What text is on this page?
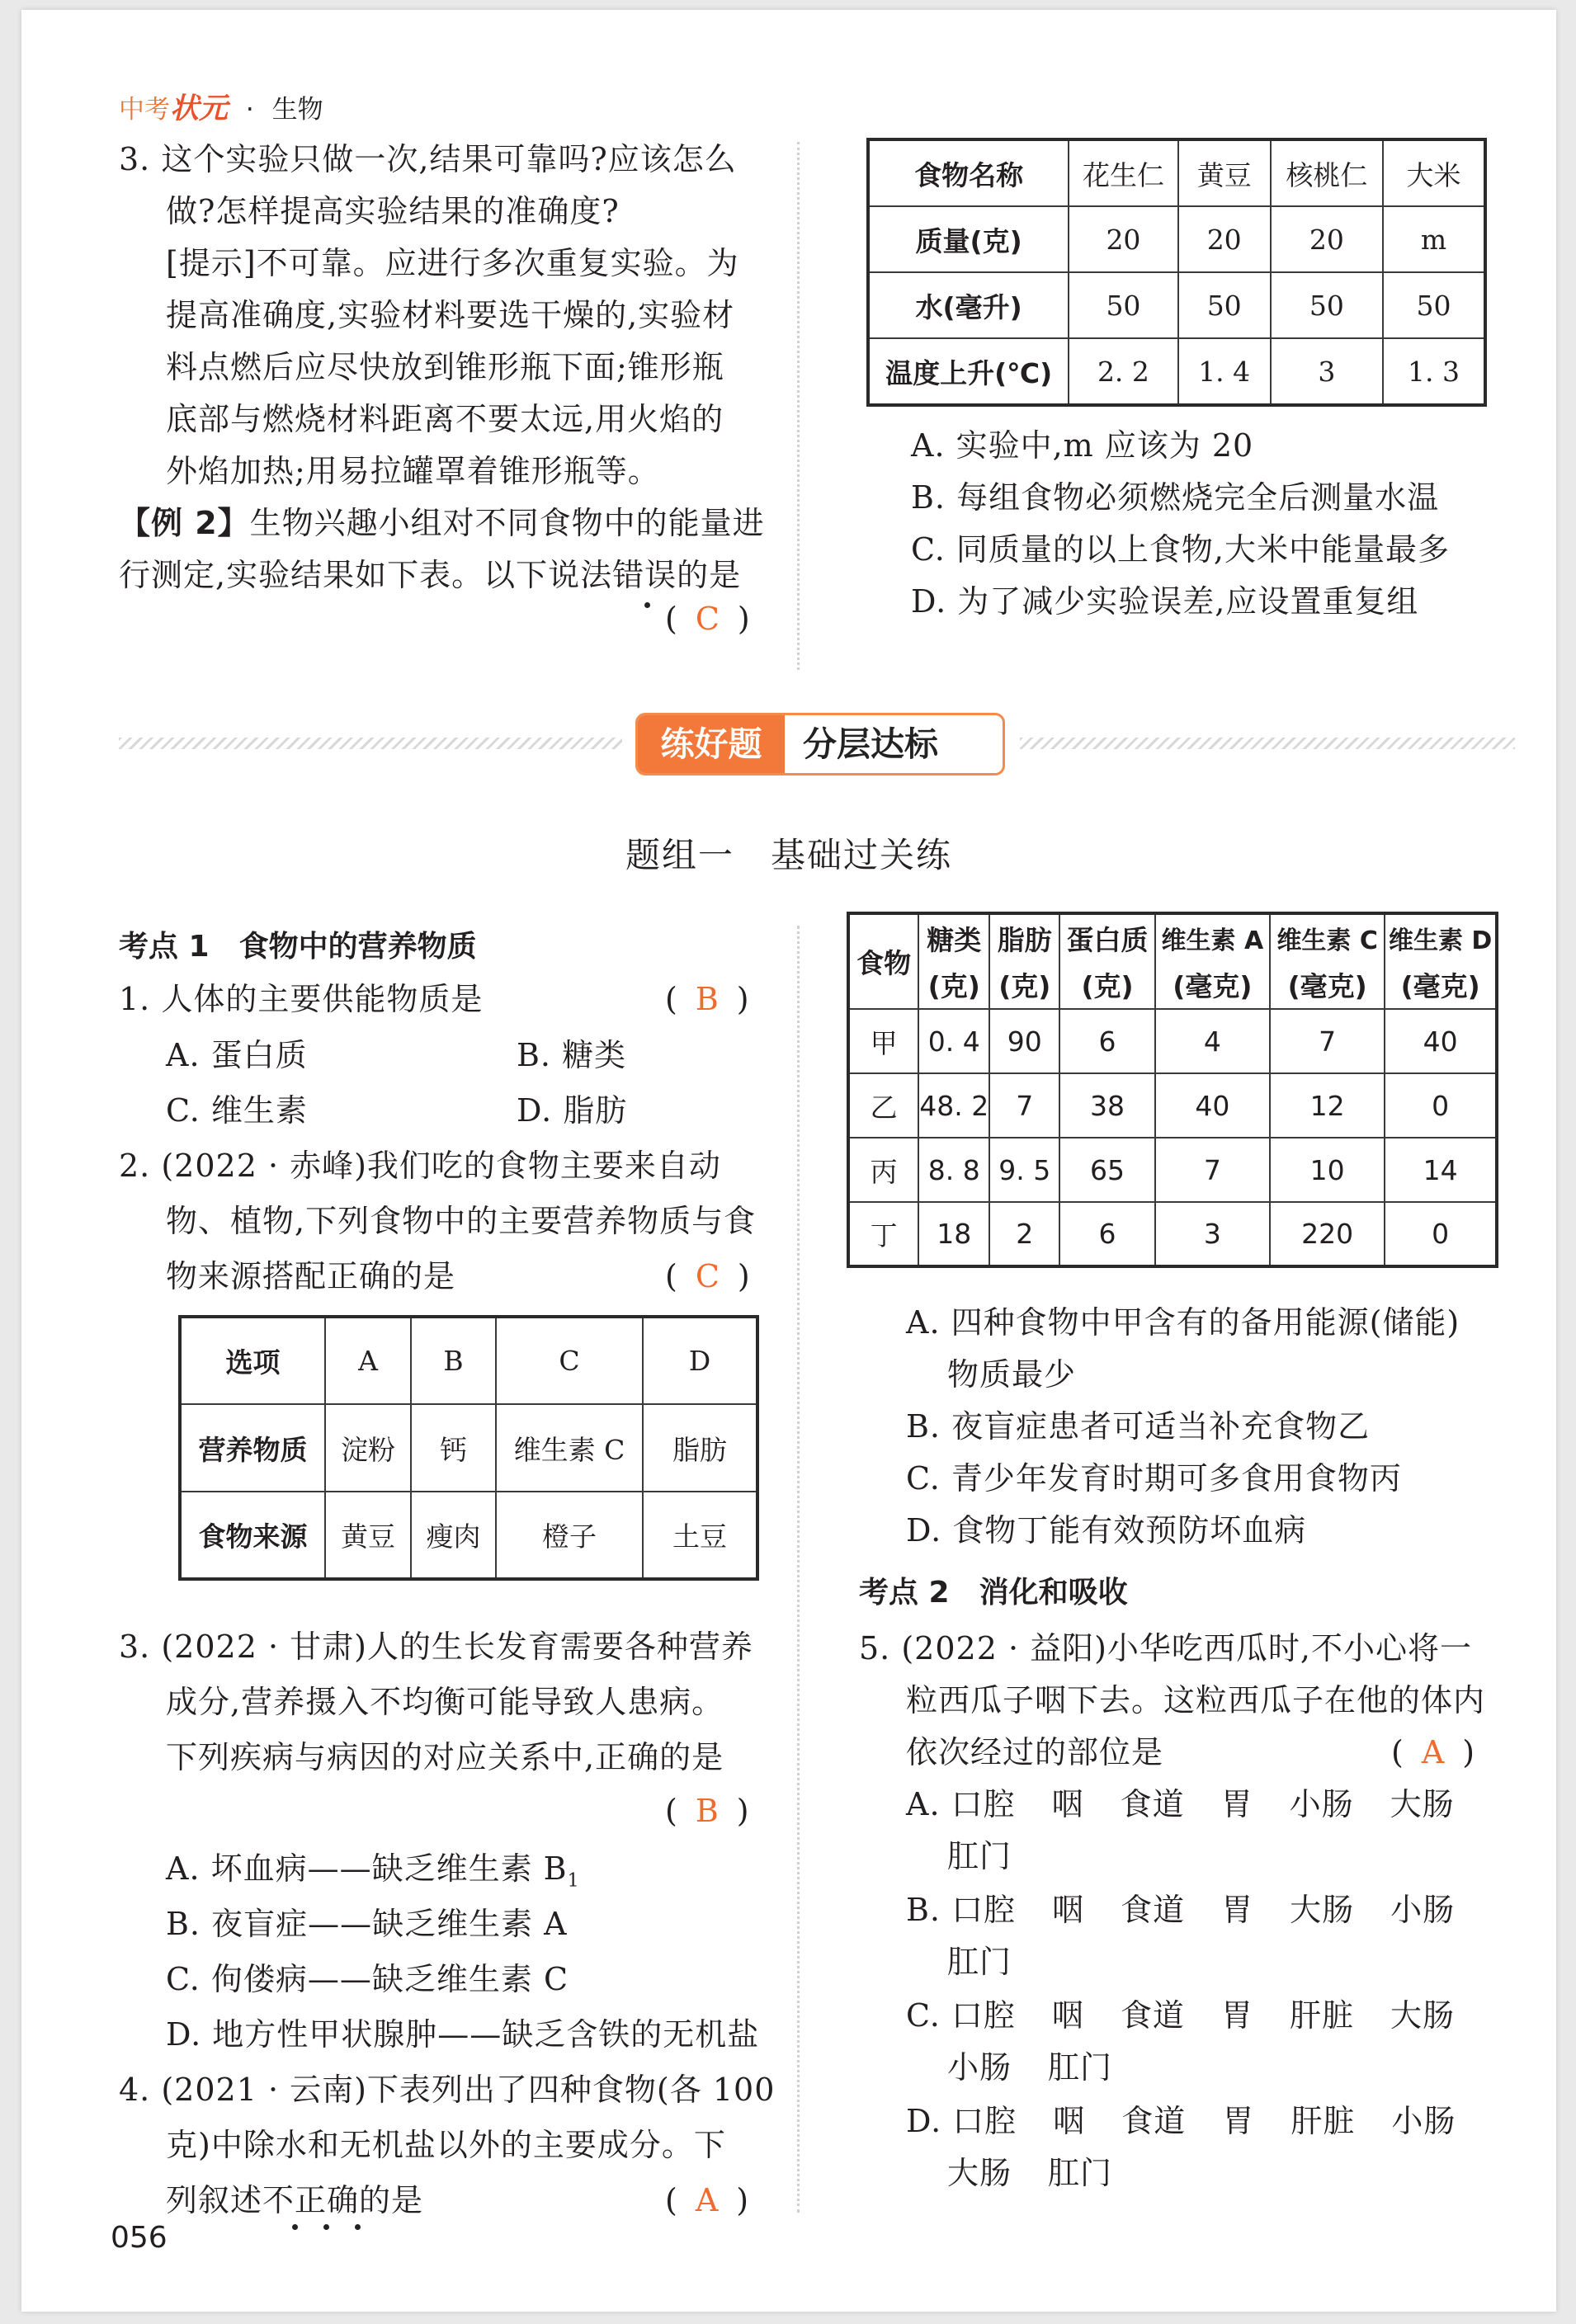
中考状元 · 生物
3. 这个实验只做一次,结果可靠吗?应该怎么
做?怎样提高实验结果的准确度?
[提示]不可靠。应进行多次重复实验。为
提高准确度,实验材料要选干燥的,实验材
料点燃后应尽快放到锥形瓶下面;锥形瓶
底部与燃烧材料距离不要太远,用火焰的
外焰加热;用易拉罐罩着锥形瓶等。
【例 2】生物兴趣小组对不同食物中的能量进
行测定,实验结果如下表。以下说法错误的是
( C )
食物名称	花生仁	黄豆	核桃仁	大米
质量(克)	20	20	20	m
水(毫升)	50	50	50	50
温度上升(℃)	2. 2	1. 4	3	1. 3
A. 实验中,m 应该为 20
B. 每组食物必须燃烧完全后测量水温
C. 同质量的以上食物,大米中能量最多
D. 为了减少实验误差,应设置重复组
练好题	分层达标
题组一　基础过关练
考点 1　食物中的营养物质
1. 人体的主要供能物质是	( B )
A. 蛋白质	B. 糖类
C. 维生素	D. 脂肪
2. (2022 · 赤峰)我们吃的食物主要来自动
物、植物,下列食物中的主要营养物质与食
物来源搭配正确的是	( C )
选项	A	B	C	D
营养物质	淀粉	钙	维生素 C	脂肪
食物来源	黄豆	瘦肉	橙子	土豆
3. (2022 · 甘肃)人的生长发育需要各种营养
成分,营养摄入不均衡可能导致人患病。
下列疾病与病因的对应关系中,正确的是
( B )
A. 坏血病——缺乏维生素 $B_1$
B. 夜盲症——缺乏维生素 A
C. 佝偻病——缺乏维生素 C
D. 地方性甲状腺肿——缺乏含铁的无机盐
4. (2021 · 云南)下表列出了四种食物(各 100
克)中除水和无机盐以外的主要成分。下
列叙述不正确的是	( A )
056
食物	糖类	脂肪	蛋白质	维生素 A	维生素 C	维生素 D
	(克)	(克)	(克)	(毫克)	(毫克)	(毫克)
甲	0. 4	90	6	4	7	40
乙	48. 2	7	38	40	12	0
丙	8. 8	9. 5	65	7	10	14
丁	18	2	6	3	220	0
A. 四种食物中甲含有的备用能源(储能)
物质最少
B. 夜盲症患者可适当补充食物乙
C. 青少年发育时期可多食用食物丙
D. 食物丁能有效预防坏血病
考点 2　消化和吸收
5. (2022 · 益阳)小华吃西瓜时,不小心将一
粒西瓜子咽下去。这粒西瓜子在他的体内
依次经过的部位是	( A )
A. 口腔 咽 食道 胃 小肠 大肠
肛门
B. 口腔 咽 食道 胃 大肠 小肠
肛门
C. 口腔 咽 食道 胃 肝脏 大肠
小肠 肛门
D. 口腔 咽 食道 胃 肝脏 小肠
大肠 肛门
